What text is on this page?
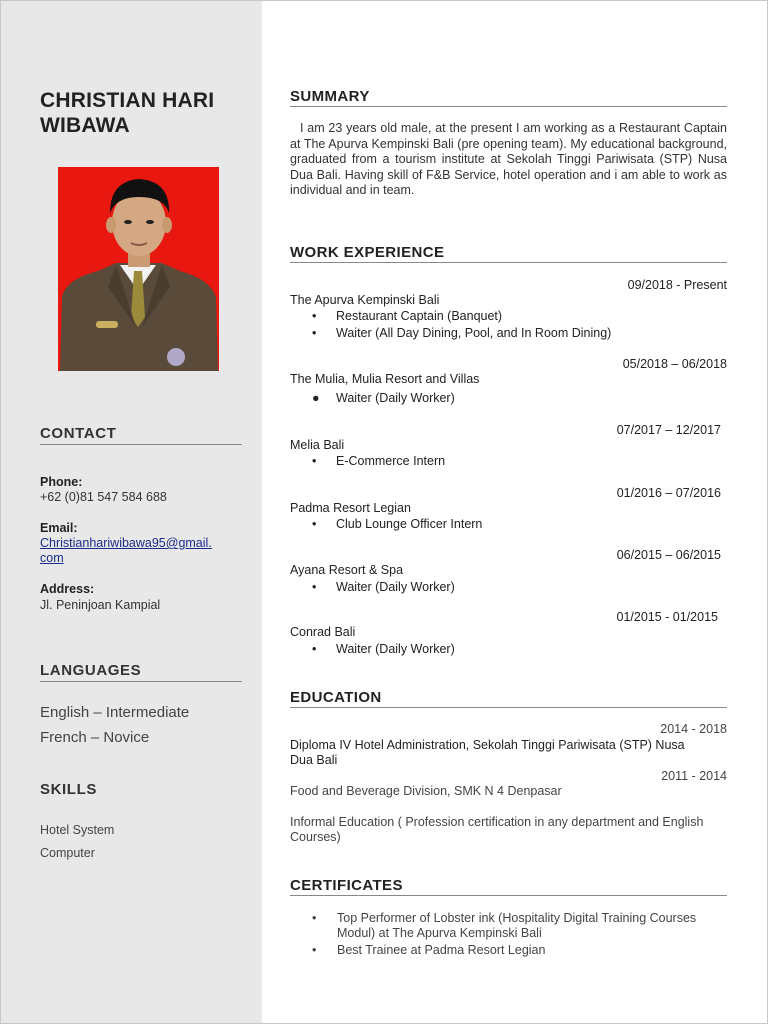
CHRISTIAN HARI WIBAWA
CONTACT
Phone:
+62 (0)81 547 584 688
Email:
Christianhariwibawa95@gmail.
com
Address:
Jl. Peninjoan Kampial
LANGUAGES
English – Intermediate
French – Novice
SKILLS
Hotel System
Computer
SUMMARY
I am 23 years old male, at the present I am working as a Restaurant Captain at The Apurva Kempinski Bali (pre opening team). My educational background, graduated from a tourism institute at Sekolah Tinggi Pariwisata (STP) Nusa Dua Bali. Having skill of F&B Service, hotel operation and i am able to work as individual and in team.
WORK EXPERIENCE
09/2018 - Present
The Apurva Kempinski Bali
• Restaurant Captain (Banquet)
• Waiter (All Day Dining, Pool, and In Room Dining)
05/2018 – 06/2018
The Mulia, Mulia Resort and Villas
● Waiter (Daily Worker)
07/2017 – 12/2017
Melia Bali
• E-Commerce Intern
01/2016 – 07/2016
Padma Resort Legian
• Club Lounge Officer Intern
06/2015 – 06/2015
Ayana Resort & Spa
• Waiter (Daily Worker)
01/2015 - 01/2015
Conrad Bali
• Waiter (Daily Worker)
EDUCATION
2014 - 2018
Diploma IV Hotel Administration, Sekolah Tinggi Pariwisata (STP) Nusa Dua Bali
2011 - 2014
Food and Beverage Division, SMK N 4 Denpasar
Informal Education ( Profession certification in any department and English Courses)
CERTIFICATES
• Top Performer of Lobster ink (Hospitality Digital Training Courses Modul) at The Apurva Kempinski Bali
• Best Trainee at Padma Resort Legian
